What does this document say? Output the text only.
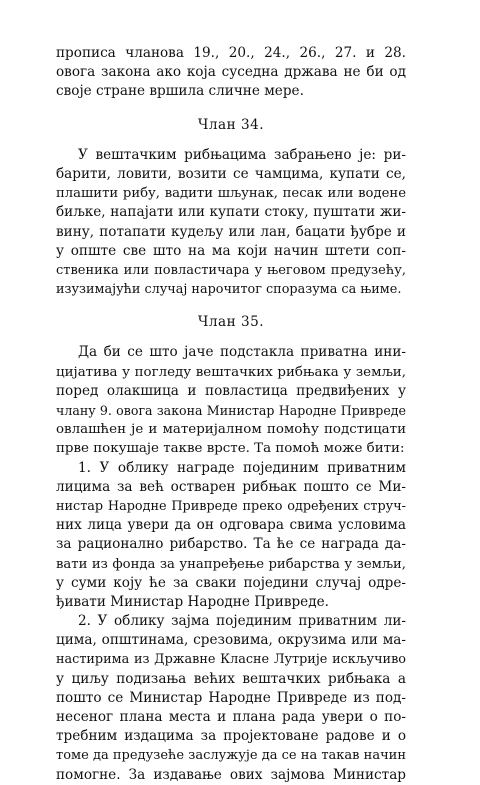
прописа чланова 19., 20., 24., 26., 27. и 28.
овога закона ако која суседна држава не би од
своје стране вршила сличне мере.
Члан 34.
У вештачким рибњацима забрањено је: ри-
барити, ловити, возити се чамцима, купати се,
плашити рибу, вадити шљунак, песак или водене
биљке, напајати или купати стоку, пуштати жи-
вину, потапати кудељу или лан, бацати ђубре и
у опште све што на ма који начин штети соп-
ственика или повластичара у његовом предузећу,
изузимајући случај нарочитог споразума са њиме.
Члан 35.
Да би се што јаче подстакла приватна ини-
цијатива у погледу вештачких рибњака у земљи,
поред олакшица и повластица предвиђених у
члану 9. овога закона Министар Народне Привреде
овлашћен је и материјалном помоћу подстицати
прве покушаје такве врсте. Та помоћ може бити:
1. У облику награде појединим приватним
лицима за већ остварен рибњак пошто се Ми-
нистар Народне Привреде преко одређених струч-
них лица увери да он одговара свима условима
за рационално рибарство. Та ће се награда да-
вати из фонда за унапређење рибарства у земљи,
у суми коју ће за сваки поједини случај одре-
ђивати Министар Народне Привреде.
2. У облику зајма појединим приватним ли-
цима, општинама, срезовима, окрузима или ма-
настирима из Државне Класне Лутрије искључиво
у циљу подизања већих вештачких рибњака а
пошто се Министар Народне Привреде из под-
несеног плана места и плана рада увери о по-
требним издацима за пројектоване радове и о
томе да предузеће заслужује да се на такав начин
помогне. За издавање ових зајмова Министар
